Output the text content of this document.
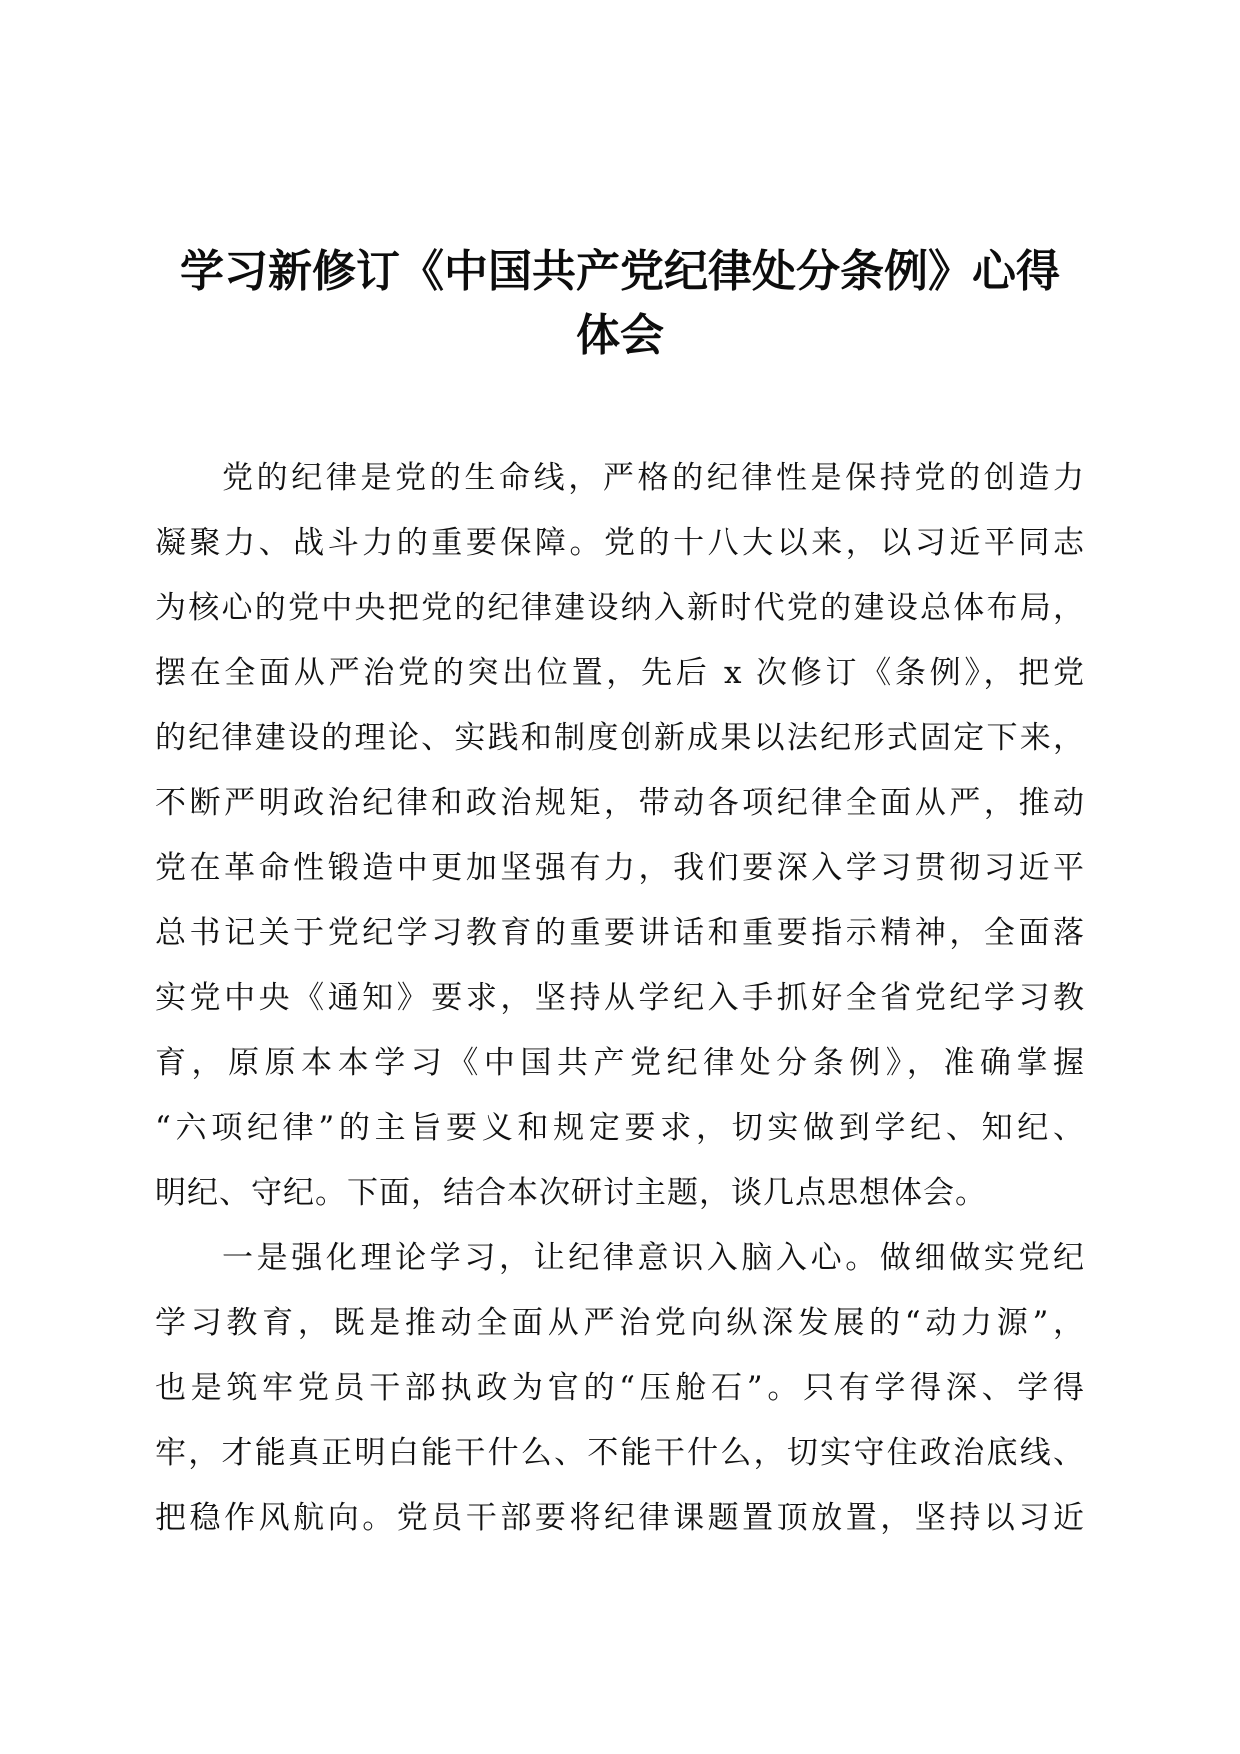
学习新修订《中国共产党纪律处分条例》心得
体会
党的纪律是党的生命线，严格的纪律性是保持党的创造力
凝聚力、战斗力的重要保障。党的十八大以来，以习近平同志
为核心的党中央把党的纪律建设纳入新时代党的建设总体布局，
摆在全面从严治党的突出位置，先后 x 次修订《条例》，把党
的纪律建设的理论、实践和制度创新成果以法纪形式固定下来，
不断严明政治纪律和政治规矩，带动各项纪律全面从严，推动
党在革命性锻造中更加坚强有力，我们要深入学习贯彻习近平
总书记关于党纪学习教育的重要讲话和重要指示精神，全面落
实党中央《通知》要求，坚持从学纪入手抓好全省党纪学习教
育，原原本本学习《中国共产党纪律处分条例》，准确掌握
“六项纪律”的主旨要义和规定要求，切实做到学纪、知纪、
明纪、守纪。下面，结合本次研讨主题，谈几点思想体会。
一是强化理论学习，让纪律意识入脑入心。做细做实党纪
学习教育，既是推动全面从严治党向纵深发展的“动力源”，
也是筑牢党员干部执政为官的“压舱石”。只有学得深、学得
牢，才能真正明白能干什么、不能干什么，切实守住政治底线、
把稳作风航向。党员干部要将纪律课题置顶放置，坚持以习近
